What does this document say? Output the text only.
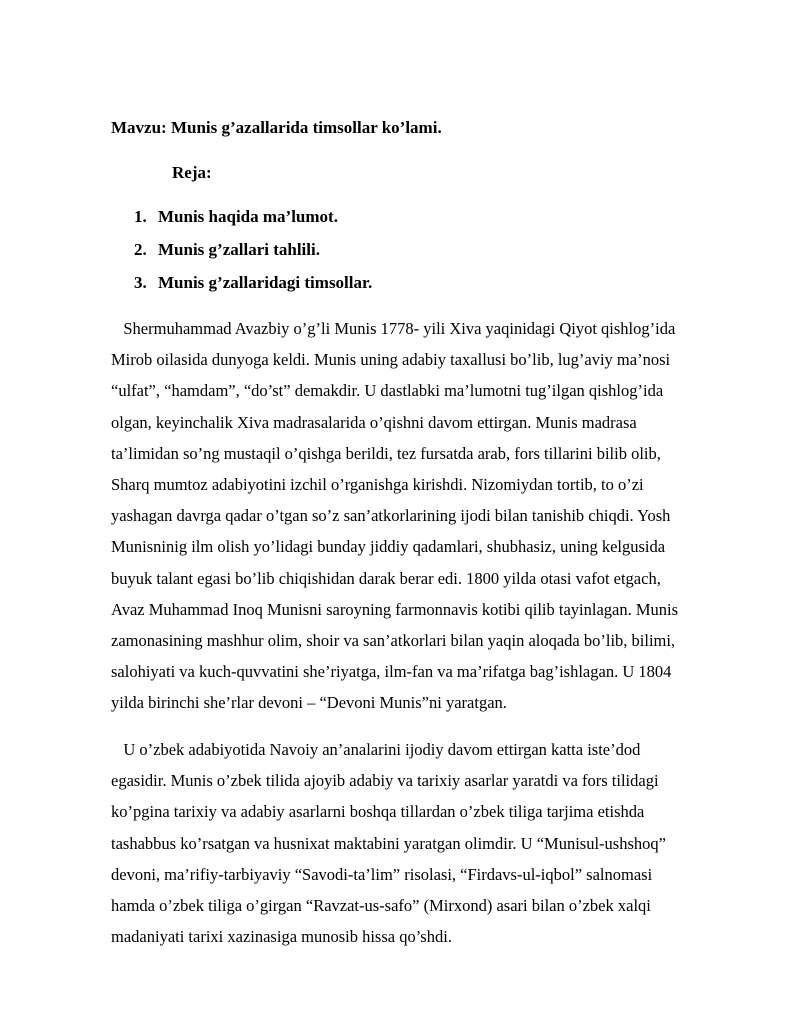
Mavzu: Munis g’azallarida timsollar ko’lami.
Reja:
1. Munis haqida ma’lumot.
2. Munis g’zallari tahlili.
3. Munis g’zallaridagi timsollar.
Shermuhammad Avazbiy o’g’li Munis 1778- yili Xiva yaqinidagi Qiyot qishlog’ida
Mirob oilasida dunyoga keldi. Munis uning adabiy taxallusi bo’lib, lug’aviy ma’nosi
“ulfat”, “hamdam”, “do’st” demakdir. U dastlabki ma’lumotni tug’ilgan qishlog’ida
olgan, keyinchalik Xiva madrasalarida o’qishni davom ettirgan. Munis madrasa
ta’limidan so’ng mustaqil o’qishga berildi, tez fursatda arab, fors tillarini bilib olib,
Sharq mumtoz adabiyotini izchil o’rganishga kirishdi. Nizomiydan tortib, to o’zi
yashagan davrga qadar o’tgan so’z san’atkorlarining ijodi bilan tanishib chiqdi. Yosh
Munisninig ilm olish yo’lidagi bunday jiddiy qadamlari, shubhasiz, uning kelgusida
buyuk talant egasi bo’lib chiqishidan darak berar edi. 1800 yilda otasi vafot etgach,
Avaz Muhammad Inoq Munisni saroyning farmonnavis kotibi qilib tayinlagan. Munis
zamonasining mashhur olim, shoir va san’atkorlari bilan yaqin aloqada bo’lib, bilimi,
salohiyati va kuch-quvvatini she’riyatga, ilm-fan va ma’rifatga bag’ishlagan. U 1804
yilda birinchi she’rlar devoni – “Devoni Munis”ni yaratgan.
U o’zbek adabiyotida Navoiy an’analarini ijodiy davom ettirgan katta iste’dod
egasidir. Munis o’zbek tilida ajoyib adabiy va tarixiy asarlar yaratdi va fors tilidagi
ko’pgina tarixiy va adabiy asarlarni boshqa tillardan o’zbek tiliga tarjima etishda
tashabbus ko’rsatgan va husnixat maktabini yaratgan olimdir. U “Munisul-ushshoq”
devoni, ma’rifiy-tarbiyaviy “Savodi-ta’lim” risolasi, “Firdavs-ul-iqbol” salnomasi
hamda o’zbek tiliga o’girgan “Ravzat-us-safo” (Mirxond) asari bilan o’zbek xalqi
madaniyati tarixi xazinasiga munosib hissa qo’shdi.
